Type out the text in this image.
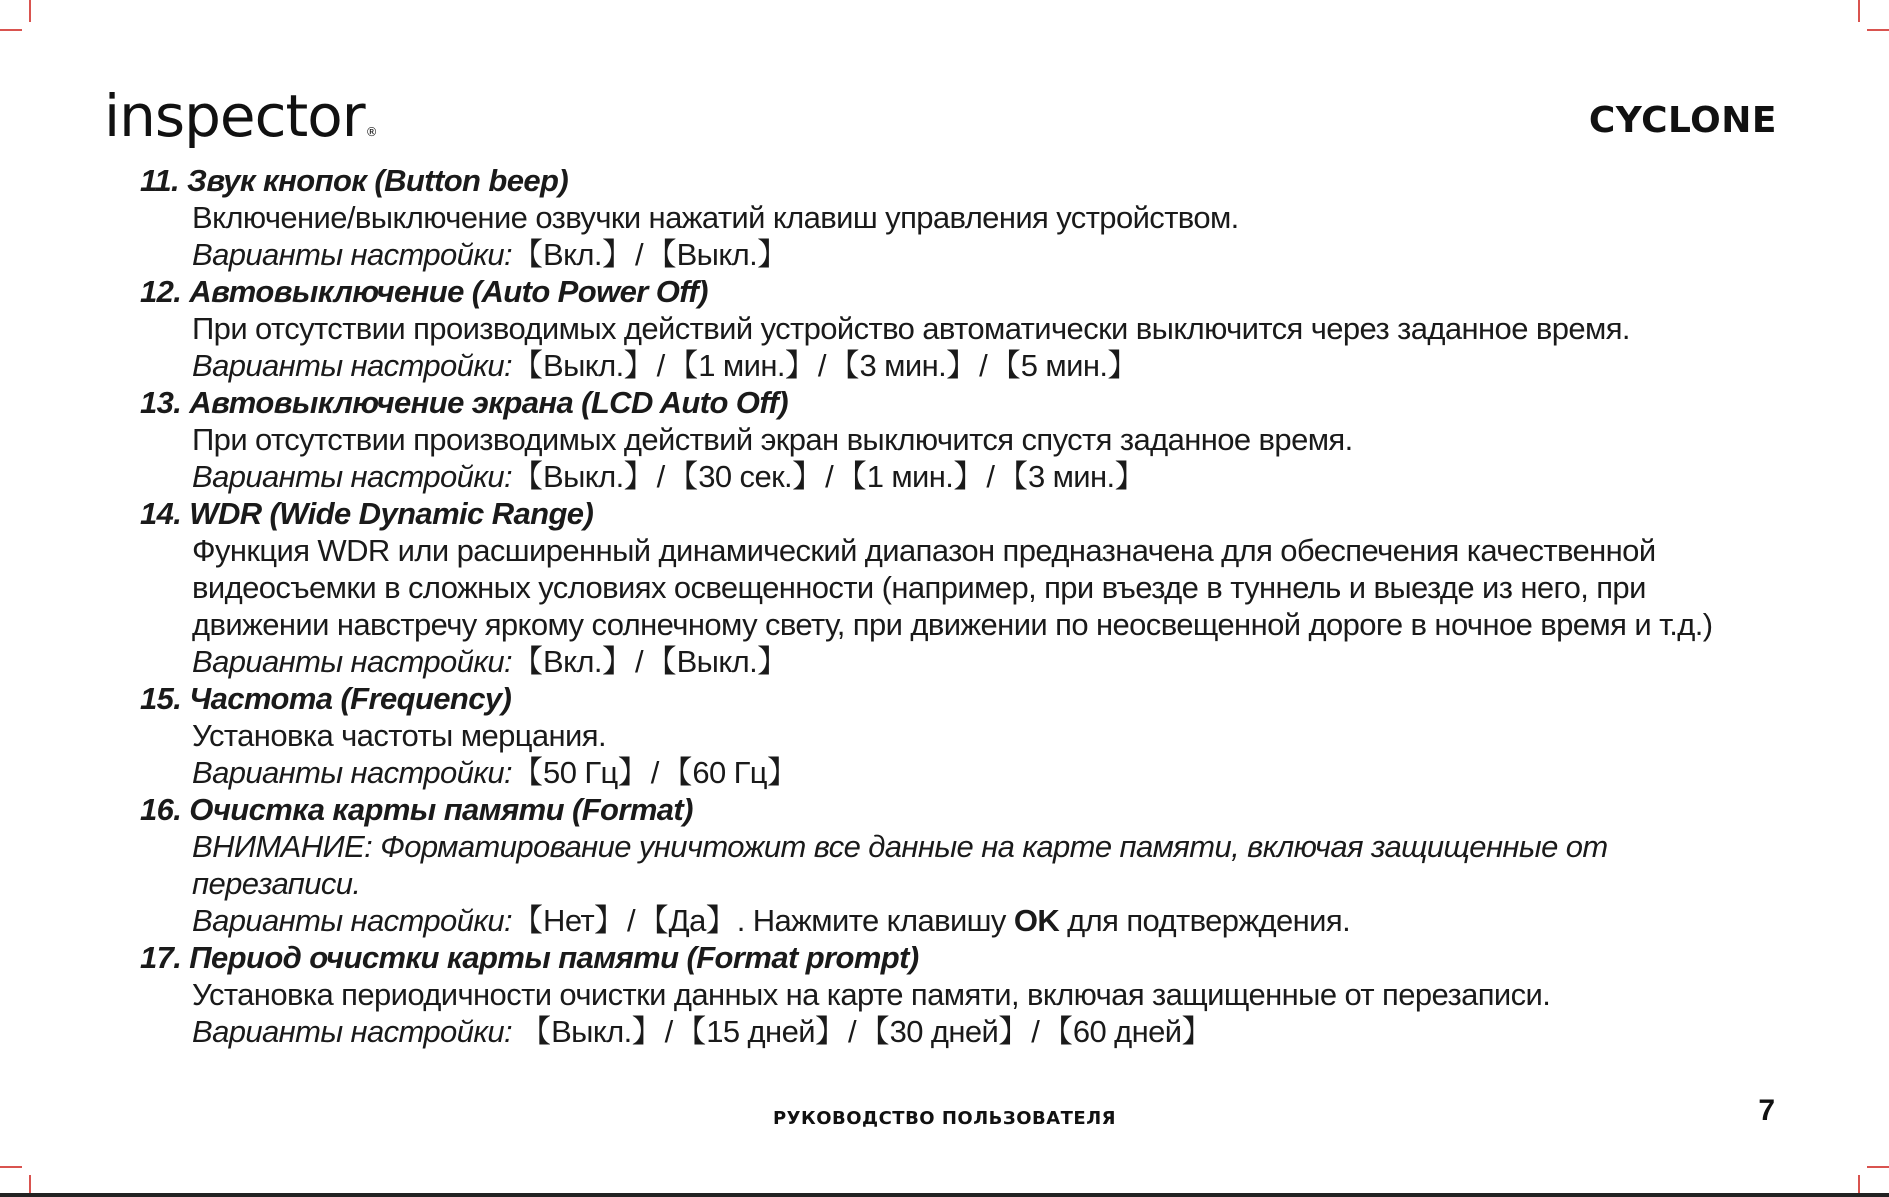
inspector®	CYCLONE

11. Звук кнопок (Button beep)

Включение/выключение озвучки нажатий клавиш управления устройством.

Варианты настройки:【Вкл.】/【Выкл.】

12. Автовыключение (Auto Power Off)

При отсутствии производимых действий устройство автоматически выключится через заданное время.

Варианты настройки:【Выкл.】/【1 мин.】/【3 мин.】/【5 мин.】

13. Автовыключение экрана (LCD Auto Off)

При отсутствии производимых действий экран выключится спустя заданное время.

Варианты настройки:【Выкл.】/【30 сек.】/【1 мин.】/【3 мин.】

14. WDR (Wide Dynamic Range)

Функция WDR или расширенный динамический диапазон предназначена для обеспечения качественной видеосъемки в сложных условиях освещенности (например, при въезде в туннель и выезде из него, при движении навстречу яркому солнечному свету, при движении по неосвещенной дороге в ночное время и т.д.)

Варианты настройки:【Вкл.】/【Выкл.】

15. Частота (Frequency)

Установка частоты мерцания.

Варианты настройки:【50 Гц】/【60 Гц】

16. Очистка карты памяти (Format)

ВНИМАНИЕ: Форматирование уничтожит все данные на карте памяти, включая защищенные от перезаписи.

Варианты настройки:【Нет】/【Да】. Нажмите клавишу OK для подтверждения.

17. Период очистки карты памяти (Format prompt)

Установка периодичности очистки данных на карте памяти, включая защищенные от перезаписи.

Варианты настройки: 【Выкл.】/【15 дней】/【30 дней】/【60 дней】

РУКОВОДСТВО ПОЛЬЗОВАТЕЛЯ	7
